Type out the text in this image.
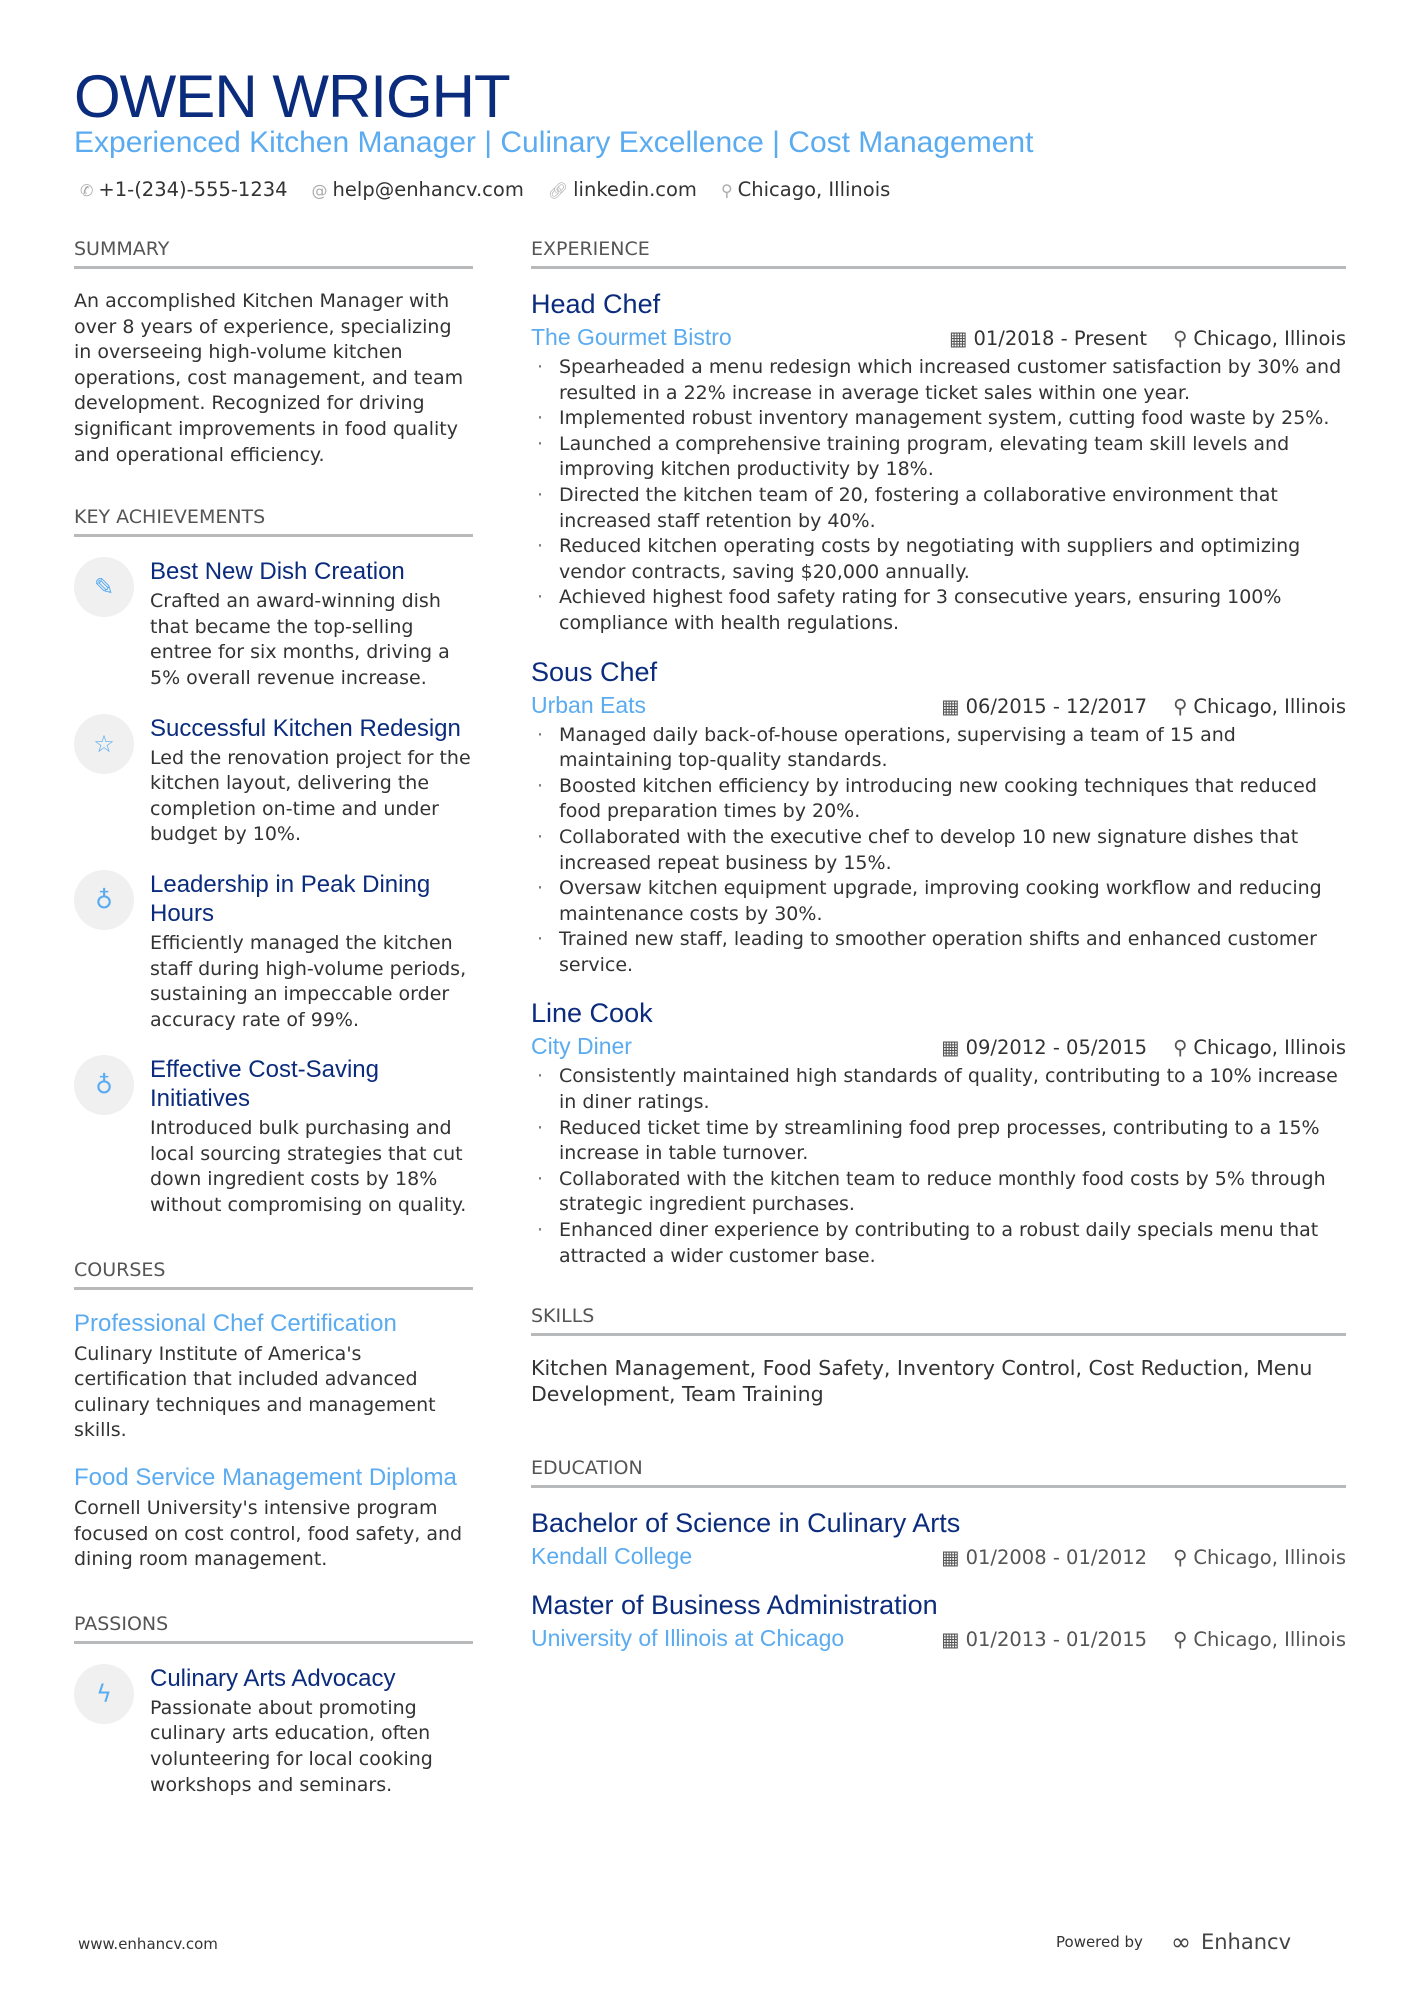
OWEN WRIGHT
Experienced Kitchen Manager | Culinary Excellence | Cost Management
✆ +1-(234)-555-1234 @ help@enhancv.com 🔗︎ linkedin.com ⚲ Chicago, Illinois
SUMMARY
An accomplished Kitchen Manager with over 8 years of experience, specializing in overseeing high-volume kitchen operations, cost management, and team development. Recognized for driving significant improvements in food quality and operational efficiency.
KEY ACHIEVEMENTS
✎
Best New Dish Creation
Crafted an award-winning dish that became the top-selling entree for six months, driving a 5% overall revenue increase.
☆
Successful Kitchen Redesign
Led the renovation project for the kitchen layout, delivering the completion on-time and under budget by 10%.
♁
Leadership in Peak Dining Hours
Efficiently managed the kitchen staff during high-volume periods, sustaining an impeccable order accuracy rate of 99%.
♁
Effective Cost-Saving Initiatives
Introduced bulk purchasing and local sourcing strategies that cut down ingredient costs by 18% without compromising on quality.
COURSES
Professional Chef Certification
Culinary Institute of America's certification that included advanced culinary techniques and management skills.
Food Service Management Diploma
Cornell University's intensive program focused on cost control, food safety, and dining room management.
PASSIONS
ϟ
Culinary Arts Advocacy
Passionate about promoting culinary arts education, often volunteering for local cooking workshops and seminars.
EXPERIENCE
Head Chef
The Gourmet Bistro	▦ 01/2018 - Present ⚲ Chicago, Illinois
· Spearheaded a menu redesign which increased customer satisfaction by 30% and resulted in a 22% increase in average ticket sales within one year.
· Implemented robust inventory management system, cutting food waste by 25%.
· Launched a comprehensive training program, elevating team skill levels and improving kitchen productivity by 18%.
· Directed the kitchen team of 20, fostering a collaborative environment that increased staff retention by 40%.
· Reduced kitchen operating costs by negotiating with suppliers and optimizing vendor contracts, saving $20,000 annually.
· Achieved highest food safety rating for 3 consecutive years, ensuring 100% compliance with health regulations.
Sous Chef
Urban Eats	▦ 06/2015 - 12/2017 ⚲ Chicago, Illinois
· Managed daily back-of-house operations, supervising a team of 15 and maintaining top-quality standards.
· Boosted kitchen efficiency by introducing new cooking techniques that reduced food preparation times by 20%.
· Collaborated with the executive chef to develop 10 new signature dishes that increased repeat business by 15%.
· Oversaw kitchen equipment upgrade, improving cooking workflow and reducing maintenance costs by 30%.
· Trained new staff, leading to smoother operation shifts and enhanced customer service.
Line Cook
City Diner	▦ 09/2012 - 05/2015 ⚲ Chicago, Illinois
· Consistently maintained high standards of quality, contributing to a 10% increase in diner ratings.
· Reduced ticket time by streamlining food prep processes, contributing to a 15% increase in table turnover.
· Collaborated with the kitchen team to reduce monthly food costs by 5% through strategic ingredient purchases.
· Enhanced diner experience by contributing to a robust daily specials menu that attracted a wider customer base.
SKILLS
Kitchen Management, Food Safety, Inventory Control, Cost Reduction, Menu Development, Team Training
EDUCATION
Bachelor of Science in Culinary Arts
Kendall College	▦ 01/2008 - 01/2012 ⚲ Chicago, Illinois
Master of Business Administration
University of Illinois at Chicago	▦ 01/2013 - 01/2015 ⚲ Chicago, Illinois
www.enhancv.com	Powered by ∞ Enhancv
